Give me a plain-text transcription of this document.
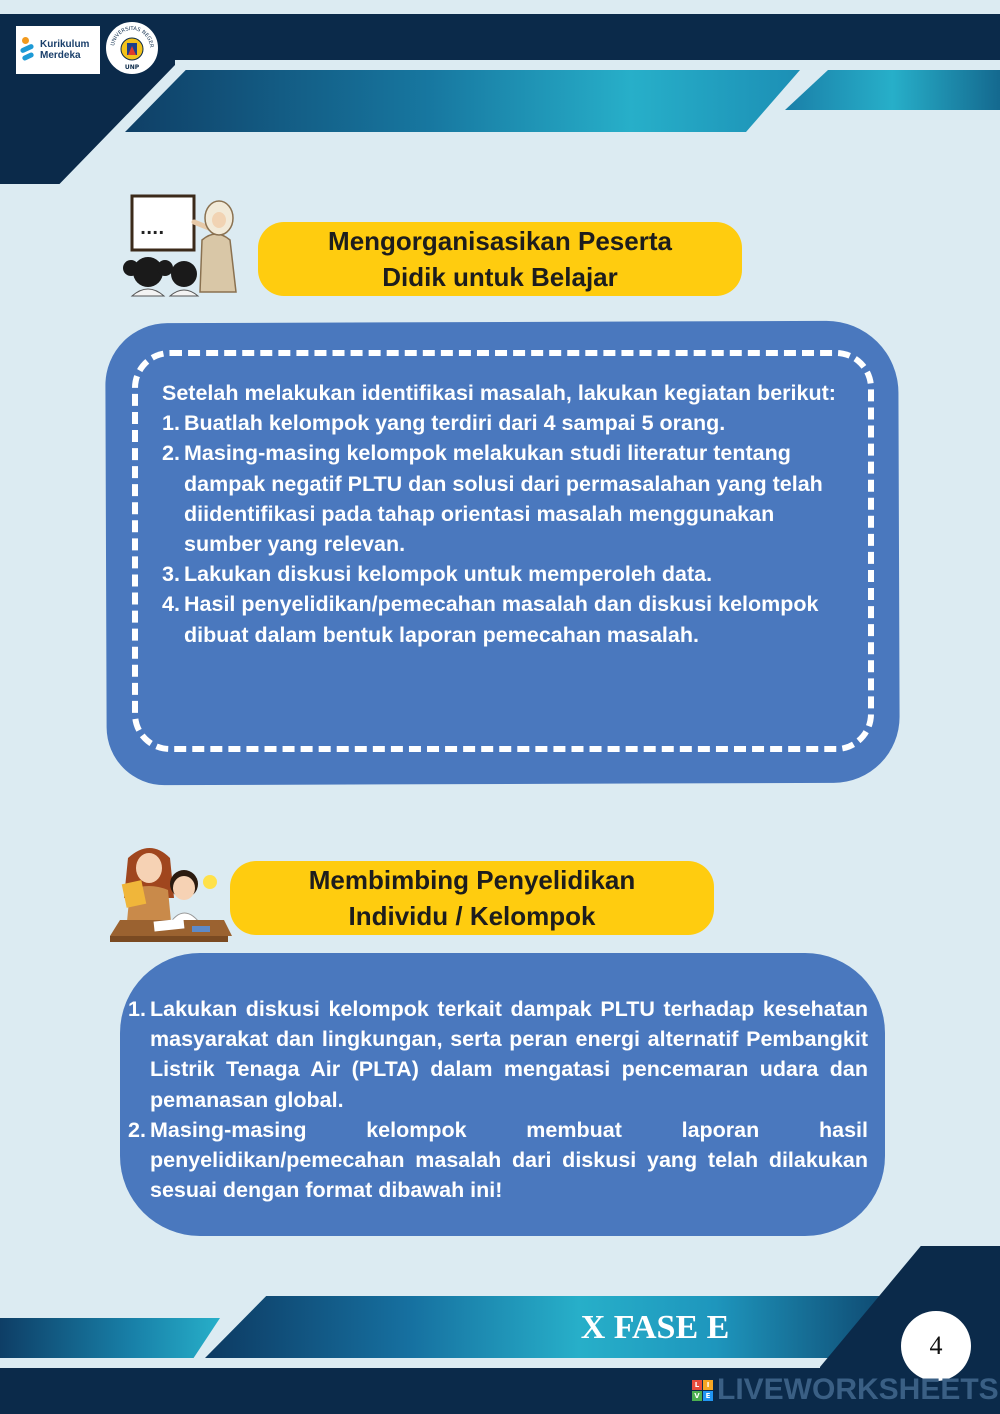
Kurikulum
Merdeka
UNIVERSITAS NEGER
UNP
....	Mengorganisasikan Peserta
Didik untuk Belajar

Setelah melakukan identifikasi masalah, lakukan kegiatan berikut:

1. Buatlah kelompok yang terdiri dari 4 sampai 5 orang.
2. Masing-masing kelompok melakukan studi literatur tentang dampak negatif PLTU dan solusi dari permasalahan yang telah diidentifikasi pada tahap orientasi masalah menggunakan sumber yang relevan.
3. Lakukan diskusi kelompok untuk memperoleh data.
4. Hasil penyelidikan/pemecahan masalah dan diskusi kelompok dibuat dalam bentuk laporan pemecahan masalah.
Membimbing Penyelidikan
Individu / Kelompok
1. Lakukan diskusi kelompok terkait dampak PLTU terhadap kesehatan masyarakat dan lingkungan, serta peran energi alternatif Pembangkit Listrik Tenaga Air (PLTA) dalam mengatasi pencemaran udara dan pemanasan global.
2. Masing-masing kelompok membuat laporan hasil penyelidikan/pemecahan masalah dari diskusi yang telah dilakukan sesuai dengan format dibawah ini!
X FASE E	4
L	I
V E LIVEWORKSHEETS
